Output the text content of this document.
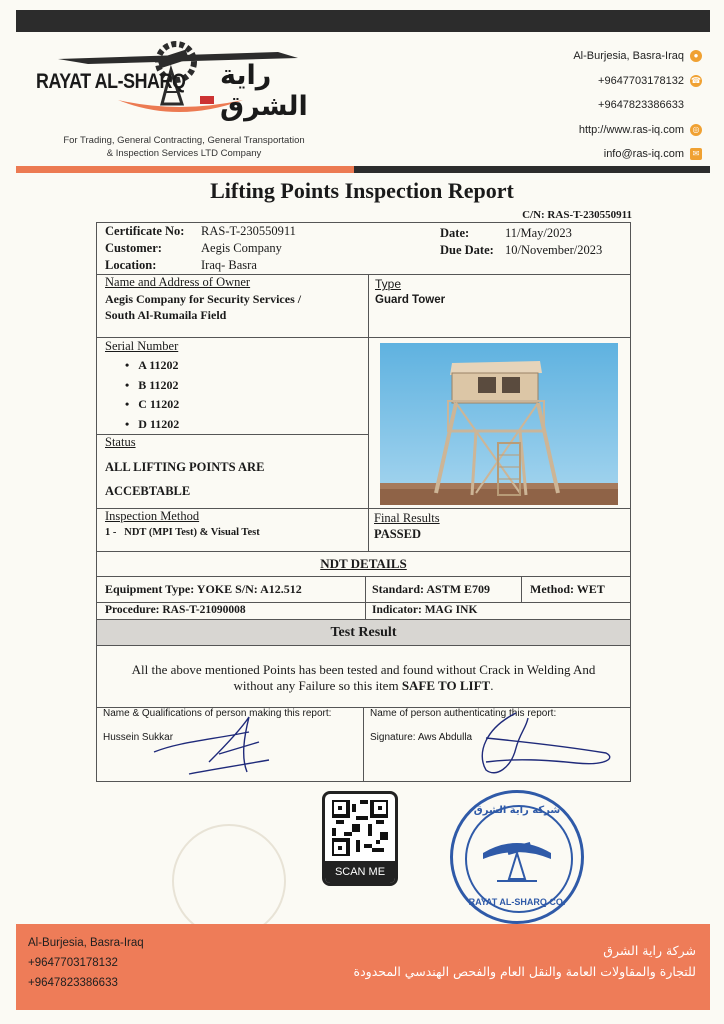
RAYAT AL-SHARQ راية الشرق
For Trading, General Contracting, General Transportation
& Inspection Services LTD Company
Al-Burjesia, Basra-Iraq	●
+9647703178132 ☎
+9647823386633
http://www.ras-iq.com	◎
info@ras-iq.com	✉
Lifting Points Inspection Report
C/N: RAS-T-230550911
Certificate No: RAS-T-230550911
Customer:	Aegis Company
Location:	Iraq- Basra
Date:	11/May/2023
Due Date: 10/November/2023
Name and Address of Owner
Aegis Company for Security Services /
South Al-Rumaila Field
Type
Guard Tower
Serial Number
•   A 11202
•   B 11202
•   C 11202
•   D 11202
Status
ALL LIFTING POINTS ARE
ACCEBTABLE
Inspection Method
1 -   NDT (MPI Test) & Visual Test
Final Results
PASSED
NDT DETAILS
Equipment Type: YOKE S/N: A12.512	Standard: ASTM E709	Method: WET
Procedure: RAS-T-21090008	Indicator: MAG INK
Test Result
All the above mentioned Points has been tested and found without Crack in Welding And
without any Failure so this item SAFE TO LIFT.
Name & Qualifications of person making this report:
Hussein Sukkar
Name of person authenticating this report:
Signature: Aws Abdulla
SCAN ME
RAYAT AL-SHARQ CO.
شركة راية الشرق
Al-Burjesia, Basra-Iraq
+9647703178132
+9647823386633
شركة راية الشرق
للتجارة والمقاولات العامة والنقل العام والفحص الهندسي المحدودة
